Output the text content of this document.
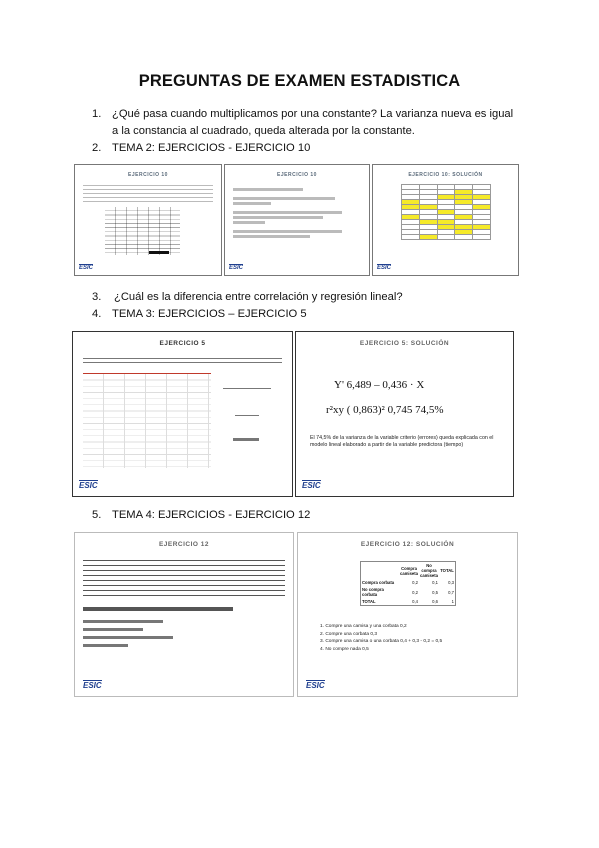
PREGUNTAS DE EXAMEN ESTADISTICA
1. ¿Qué pasa cuando multiplicamos por una constante? La varianza nueva es igual
a la constancia al cuadrado, queda alterada por la constante.
2. TEMA 2: EJERCICIOS - EJERCICIO 10
EJERCICIO 10
ESIC
EJERCICIO 10
ESIC
EJERCICIO 10: SOLUCIÓN

ESIC
3. ¿Cuál es la diferencia entre correlación y regresión lineal?
4. TEMA 3: EJERCICIOS – EJERCICIO 5
EJERCICIO 5
ESIC
EJERCICIO 5: SOLUCIÓN
Y' 6,489 – 0,436 · X
r²xy ( 0,863)² 0,745 74,5%
El 74,5% de la varianza de la variable criterio (errores) queda explicada con el modelo lineal elaborado a partir de la variable predictora (tiempo)
ESIC
5. TEMA 4: EJERCICIOS - EJERCICIO 12
EJERCICIO 12
ESIC
EJERCICIO 12: SOLUCIÓN
	Compra camiseta	No compra camiseta	TOTAL
Compra corbata	0,2	0,1	0,3
No compra corbata	0,2	0,5	0,7
TOTAL	0,4	0,6	1
1. Compre una camisa y una corbata 0,2
2. Compre una corbata 0,3
3. Compre una camisa o una corbata 0,4 + 0,3 - 0,2 = 0,5
4. No compre nada 0,5
ESIC
